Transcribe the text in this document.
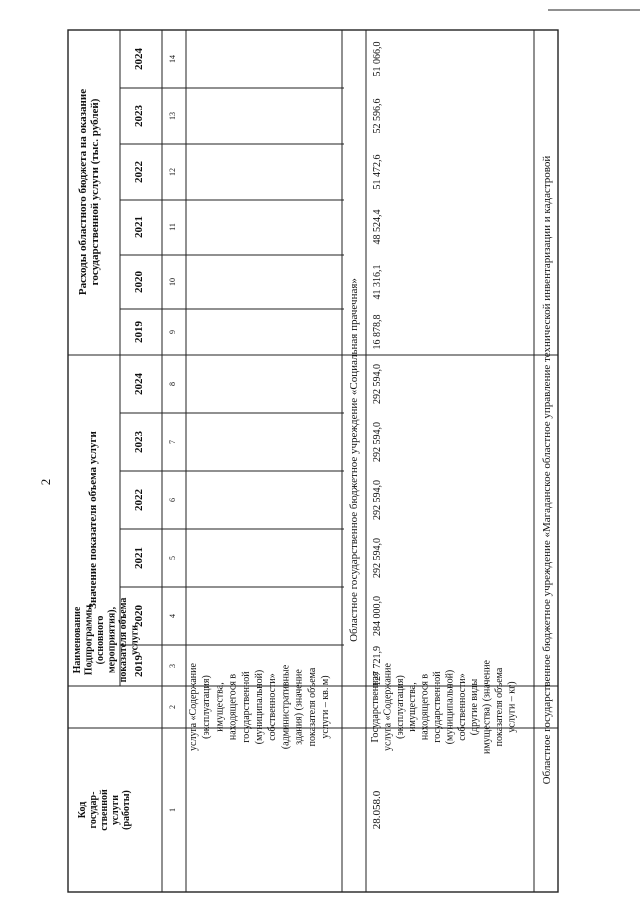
2
Код государ- ственной услуги (работы)
Наименование Подпрограммы (основного мероприятия), показателя объема услуги
Значение показателя объема услуги
Расходы областного бюджета на оказание государственной услуги (тыс. рублей)
2019
2020
2021
2022
2023
2024
2019
2020
2021
2022
2023
2024
1
2
3
4
5
6
7
8
9
10
11
12
13
14
услуга «Содержание (эксплуатация) имущества, находящегося в государственной (муниципальной) собственности» (административные здания) (значение показателя объема услуги – кв. м)
Областное государственное бюджетное учреждение «Социальная прачечная»
28.058.0
Государственная услуга «Содержание (эксплуатация) имущества, находящегося в государственной (муниципальной) собственности» (другие виды имущества) (значение показателя объема услуги – кг)
127 721,9
284 000,0
292 594,0
292 594,0
292 594,0
292 594,0
16 878,8
41 316,1
48 524,4
51 472,6
52 596,6
51 066,0
Областное государственное бюджетное учреждение «Магаданское областное управление технической инвентаризации и кадастровой
